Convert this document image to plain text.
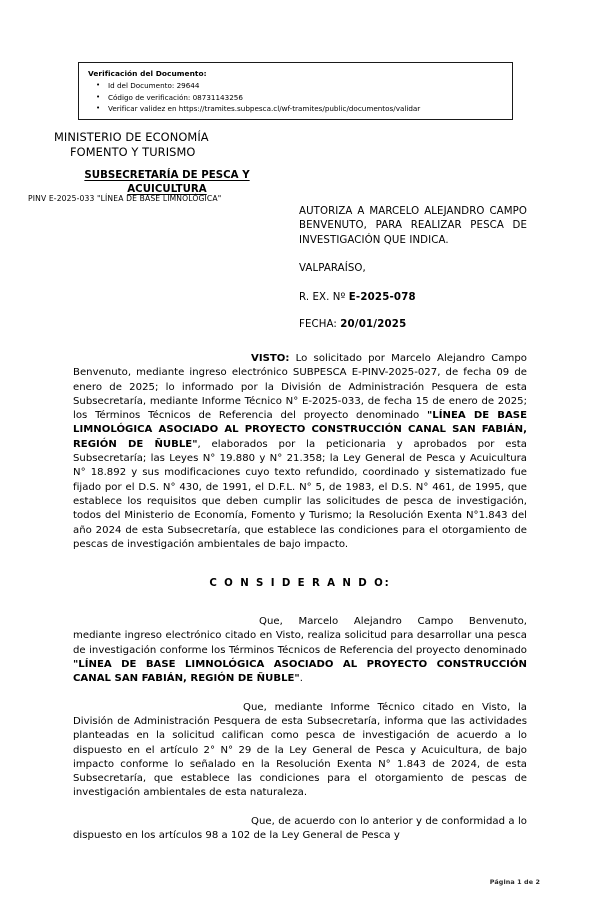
Verificación del Documento:
• Id del Documento: 29644
• Código de verificación: 08731143256
• Verificar validez en https://tramites.subpesca.cl/wf-tramites/public/documentos/validar
MINISTERIO DE ECONOMÍA
FOMENTO Y TURISMO
SUBSECRETARÍA DE PESCA Y
ACUICULTURA
PINV E-2025-033 "LÍNEA DE BASE LIMNOLÓGICA"
AUTORIZA A MARCELO ALEJANDRO CAMPO BENVENUTO, PARA REALIZAR PESCA DE INVESTIGACIÓN QUE INDICA.
VALPARAÍSO,
R. EX. Nº E-2025-078
FECHA: 20/01/2025

VISTO: Lo solicitado por Marcelo Alejandro Campo Benvenuto, mediante ingreso electrónico SUBPESCA E-PINV-2025-027, de fecha 09 de enero de 2025; lo informado por la División de Administración Pesquera de esta Subsecretaría, mediante Informe Técnico N° E-2025-033, de fecha 15 de enero de 2025; los Términos Técnicos de Referencia del proyecto denominado "LÍNEA DE BASE LIMNOLÓGICA ASOCIADO AL PROYECTO CONSTRUCCIÓN CANAL SAN FABIÁN, REGIÓN DE ÑUBLE", elaborados por la peticionaria y aprobados por esta Subsecretaría; las Leyes N° 19.880 y N° 21.358; la Ley General de Pesca y Acuicultura N° 18.892 y sus modificaciones cuyo texto refundido, coordinado y sistematizado fue fijado por el D.S. N° 430, de 1991, el D.F.L. N° 5, de 1983, el D.S. N° 461, de 1995, que establece los requisitos que deben cumplir las solicitudes de pesca de investigación, todos del Ministerio de Economía, Fomento y Turismo; la Resolución Exenta N°1.843 del año 2024 de esta Subsecretaría, que establece las condiciones para el otorgamiento de pescas de investigación ambientales de bajo impacto.

C O N S I D E R A N D O:

Que, Marcelo Alejandro Campo Benvenuto, mediante ingreso electrónico citado en Visto, realiza solicitud para desarrollar una pesca de investigación conforme los Términos Técnicos de Referencia del proyecto denominado "LÍNEA DE BASE LIMNOLÓGICA ASOCIADO AL PROYECTO CONSTRUCCIÓN CANAL SAN FABIÁN, REGIÓN DE ÑUBLE".

Que, mediante Informe Técnico citado en Visto, la División de Administración Pesquera de esta Subsecretaría, informa que las actividades planteadas en la solicitud califican como pesca de investigación de acuerdo a lo dispuesto en el artículo 2° N° 29 de la Ley General de Pesca y Acuicultura, de bajo impacto conforme lo señalado en la Resolución Exenta N° 1.843 de 2024, de esta Subsecretaría, que establece las condiciones para el otorgamiento de pescas de investigación ambientales de esta naturaleza.

Que, de acuerdo con lo anterior y de conformidad a lo dispuesto en los artículos 98 a 102 de la Ley General de Pesca y

Página 1 de 2
